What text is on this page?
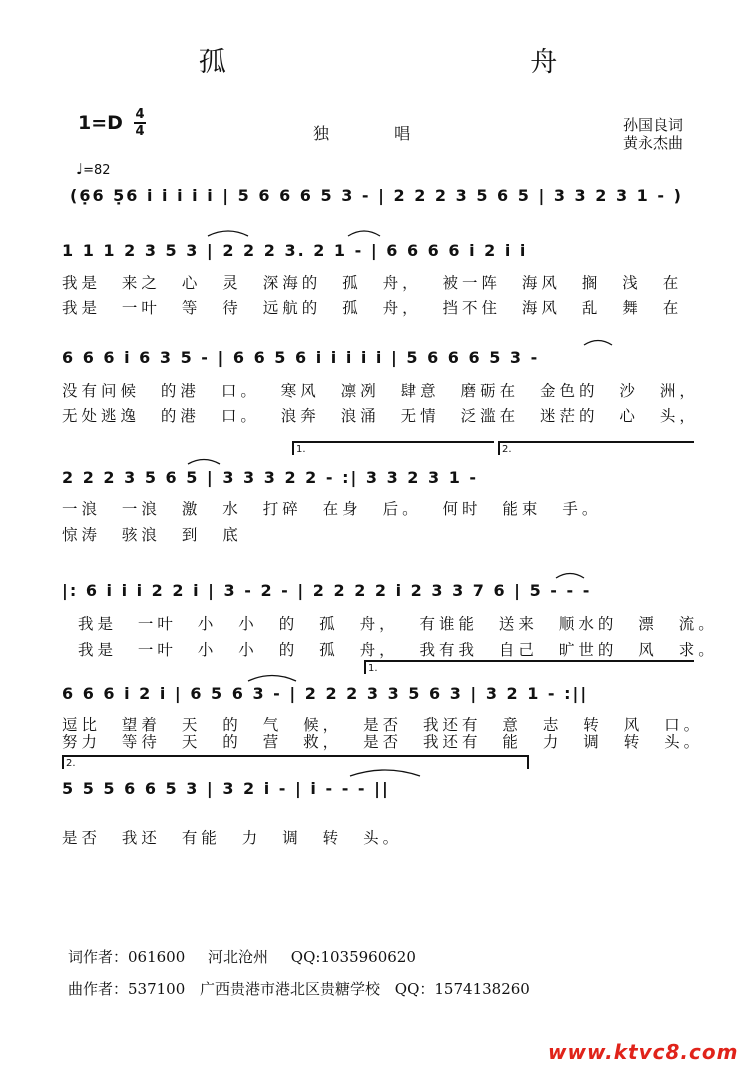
孤 舟
1=D 4
4	独 唱	孙国良词
黄永杰曲
♩=82
(6̣6 5̣6 i i i i i | 5 6 6 6 5 3 - | 2 2 2 3 5 6 5 | 3 3 2 3 1 - )
1 1 1 2 3 5 3 | 2 2 2 3. 2 1 - | 6 6 6 6 i 2 i i
我是 来之 心 灵 深海的 孤 舟， 被一阵 海风 搁 浅 在
我是 一叶 等 待 远航的 孤 舟， 挡不住 海风 乱 舞 在
6 6 6 i 6 3 5 - | 6 6 5 6 i i i i i | 5 6 6 6 5 3 -
没有问候 的港 口。 寒风 凛冽 肆意 磨砺在 金色的 沙 洲，
无处逃逸 的港 口。 浪奔 浪涌 无情 泛滥在 迷茫的 心 头，
1.	2.
2 2 2 3 5 6 5 | 3 3 3 2 2 - :| 3 3 2 3 1 -
一浪 一浪 激 水 打碎 在身 后。 何时 能束 手。
惊涛 骇浪 到 底
|: 6 i i i 2 2 i | 3 - 2 - | 2 2 2 2 i 2 3 3 7 6 | 5 - - -
我是 一叶 小 小 的 孤 舟， 有谁能 送来 顺水的 漂 流。
我是 一叶 小 小 的 孤 舟， 我有我 自己 旷世的 风 求。
1.
6 6 6 i 2 i | 6 5 6 3 - | 2 2 2 3 3 5 6 3 | 3 2 1 - :||
逗比 望着 天 的 气 候， 是否 我还有 意 志 转 风 口。
努力 等待 天 的 营 救， 是否 我还有 能 力 调 转 头。
2.
5 5 5 6 6 5 3 | 3 2 i - | i - - - ||
是否 我还 有能 力 调 转 头。
词作者：061600 河北沧州 QQ:1035960620
曲作者：537100 广西贵港市港北区贵糖学校 QQ：1574138260
www.ktvc8.com
